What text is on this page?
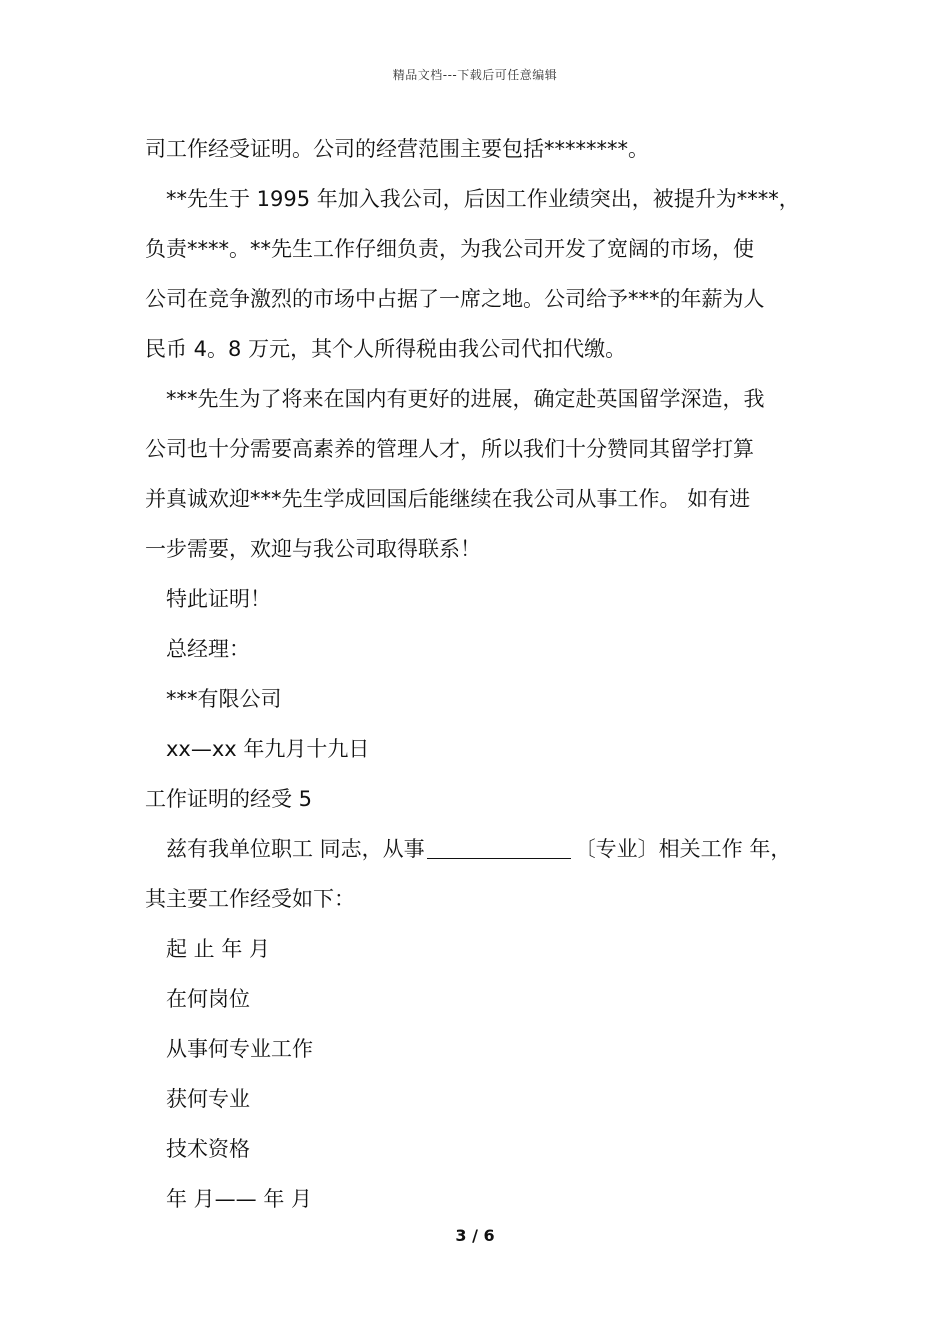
精品文档---下载后可任意编辑
司工作经受证明。公司的经营范围主要包括********。
**先生于 1995 年加入我公司，后因工作业绩突出，被提升为****，
负责****。**先生工作仔细负责，为我公司开发了宽阔的市场，使
公司在竞争激烈的市场中占据了一席之地。公司给予***的年薪为人
民币 4。8 万元，其个人所得税由我公司代扣代缴。
***先生为了将来在国内有更好的进展，确定赴英国留学深造，我
公司也十分需要高素养的管理人才，所以我们十分赞同其留学打算
并真诚欢迎***先生学成回国后能继续在我公司从事工作。 如有进
一步需要，欢迎与我公司取得联系！
特此证明！
总经理：
***有限公司
xx—xx 年九月十九日
工作证明的经受 5
兹有我单位职工 同志，从事	〔专业〕相关工作 年，
其主要工作经受如下：
起 止 年 月
在何岗位
从事何专业工作
获何专业
技术资格
年 月—— 年 月
3 / 6
